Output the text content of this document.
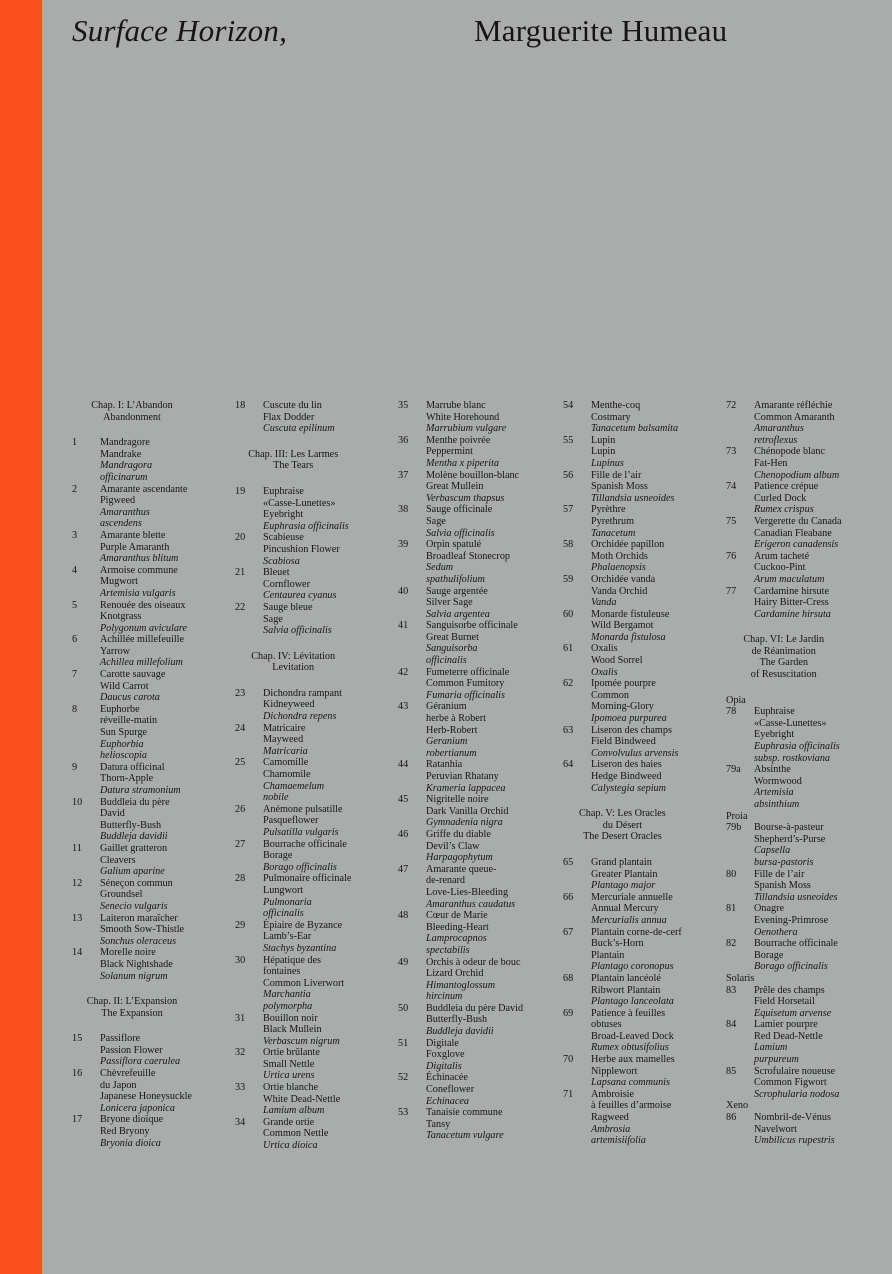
Surface Horizon,	Marguerite Humeau
Chap. I: L’Abandon
Abandonment
1 Mandragore
Mandrake
Mandragora
officinarum
2 Amarante ascendante
Pigweed
Amaranthus
ascendens
3 Amarante blette
Purple Amaranth
Amaranthus blitum
4 Armoise commune
Mugwort
Artemisia vulgaris
5 Renouée des oiseaux
Knotgrass
Polygonum aviculare
6 Achillée millefeuille
Yarrow
Achillea millefolium
7 Carotte sauvage
Wild Carrot
Daucus carota
8 Euphorbe
réveille-matin
Sun Spurge
Euphorbia
helioscopia
9 Datura officinal
Thorn-Apple
Datura stramonium
10 Buddleia du père
David
Butterfly-Bush
Buddleja davidii
11 Gaillet gratteron
Cleavers
Galium aparine
12 Séneçon commun
Groundsel
Senecio vulgaris
13 Laiteron maraîcher
Smooth Sow-Thistle
Sonchus oleraceus
14 Morelle noire
Black Nightshade
Solanum nigrum
Chap. II: L’Expansion
The Expansion
15 Passiflore
Passion Flower
Passiflora caerulea
16 Chèvrefeuille
du Japon
Japanese Honeysuckle
Lonicera japonica
17 Bryone dioïque
Red Bryony
Bryonia dioica
18 Cuscute du lin
Flax Dodder
Cuscuta epilinum
Chap. III: Les Larmes
The Tears
19 Euphraise
«Casse-Lunettes»
Eyebright
Euphrasia officinalis
20 Scabieuse
Pincushion Flower
Scabiosa
21 Bleuet
Cornflower
Centaurea cyanus
22 Sauge bleue
Sage
Salvia officinalis
Chap. IV: Lévitation
Levitation
23 Dichondra rampant
Kidneyweed
Dichondra repens
24 Matricaire
Mayweed
Matricaria
25 Camomille
Chamomile
Chamaemelum
nobile
26 Anémone pulsatille
Pasqueflower
Pulsatilla vulgaris
27 Bourrache officinale
Borage
Borago officinalis
28 Pulmonaire officinale
Lungwort
Pulmonaria
officinalis
29 Épiaire de Byzance
Lamb’s-Ear
Stachys byzantina
30 Hépatique des
fontaines
Common Liverwort
Marchantia
polymorpha
31 Bouillon noir
Black Mullein
Verbascum nigrum
32 Ortie brûlante
Small Nettle
Urtica urens
33 Ortie blanche
White Dead-Nettle
Lamium album
34 Grande ortie
Common Nettle
Urtica dioica
35 Marrube blanc
White Horehound
Marrubium vulgare
36 Menthe poivrée
Peppermint
Mentha x piperita
37 Molène bouillon-blanc
Great Mullein
Verbascum thapsus
38 Sauge officinale
Sage
Salvia officinalis
39 Orpin spatulé
Broadleaf Stonecrop
Sedum
spathulifolium
40 Sauge argentée
Silver Sage
Salvia argentea
41 Sanguisorbe officinale
Great Burnet
Sanguisorba
officinalis
42 Fumeterre officinale
Common Fumitory
Fumaria officinalis
43 Géranium
herbe à Robert
Herb-Robert
Geranium
robertianum
44 Ratanhia
Peruvian Rhatany
Krameria lappacea
45 Nigritelle noire
Dark Vanilla Orchid
Gymnadenia nigra
46 Griffe du diable
Devil’s Claw
Harpagophytum
47 Amarante queue-
de-renard
Love-Lies-Bleeding
Amaranthus caudatus
48 Cœur de Marie
Bleeding-Heart
Lamprocapnos
spectabilis
49 Orchis à odeur de bouc
Lizard Orchid
Himantoglossum
hircinum
50 Buddleia du père David
Butterfly-Bush
Buddleja davidii
51 Digitale
Foxglove
Digitalis
52 Échinacée
Coneflower
Echinacea
53 Tanaisie commune
Tansy
Tanacetum vulgare
54 Menthe-coq
Costmary
Tanacetum balsamita
55 Lupin
Lupin
Lupinus
56 Fille de l’air
Spanish Moss
Tillandsia usneoides
57 Pyrèthre
Pyrethrum
Tanacetum
58 Orchidée papillon
Moth Orchids
Phalaenopsis
59 Orchidée vanda
Vanda Orchid
Vanda
60 Monarde fistuleuse
Wild Bergamot
Monarda fistulosa
61 Oxalis
Wood Sorrel
Oxalis
62 Ipomée pourpre
Common
Morning-Glory
Ipomoea purpurea
63 Liseron des champs
Field Bindweed
Convolvulus arvensis
64 Liseron des haies
Hedge Bindweed
Calystegia sepium
Chap. V: Les Oracles
du Désert
The Desert Oracles
65 Grand plantain
Greater Plantain
Plantago major
66 Mercuriale annuelle
Annual Mercury
Mercurialis annua
67 Plantain corne-de-cerf
Buck’s-Horn
Plantain
Plantago coronopus
68 Plantain lancéolé
Ribwort Plantain
Plantago lanceolata
69 Patience à feuilles
obtuses
Broad-Leaved Dock
Rumex obtusifolius
70 Herbe aux mamelles
Nipplewort
Lapsana communis
71 Ambroisie
à feuilles d’armoise
Ragweed
Ambrosia
artemisiifolia
72 Amarante réfléchie
Common Amaranth
Amaranthus
retroflexus
73 Chénopode blanc
Fat-Hen
Chenopodium album
74 Patience crépue
Curled Dock
Rumex crispus
75 Vergerette du Canada
Canadian Fleabane
Erigeron canadensis
76 Arum tacheté
Cuckoo-Pint
Arum maculatum
77 Cardamine hirsute
Hairy Bitter-Cress
Cardamine hirsuta
Chap. VI: Le Jardin
de Réanimation
The Garden
of Resuscitation
Opia
78 Euphraise
«Casse-Lunettes»
Eyebright
Euphrasia officinalis
subsp. rostkoviana
79a Absinthe
Wormwood
Artemisia
absinthium
Proia
79b Bourse-à-pasteur
Shepherd’s-Purse
Capsella
bursa-pastoris
80 Fille de l’air
Spanish Moss
Tillandsia usneoides
81 Onagre
Evening-Primrose
Oenothera
82 Bourrache officinale
Borage
Borago officinalis
Solaris
83 Prêle des champs
Field Horsetail
Equisetum arvense
84 Lamier pourpre
Red Dead-Nettle
Lamium
purpureum
85 Scrofulaire noueuse
Common Figwort
Scrophularia nodosa
Xeno
86 Nombril-de-Vénus
Navelwort
Umbilicus rupestris
